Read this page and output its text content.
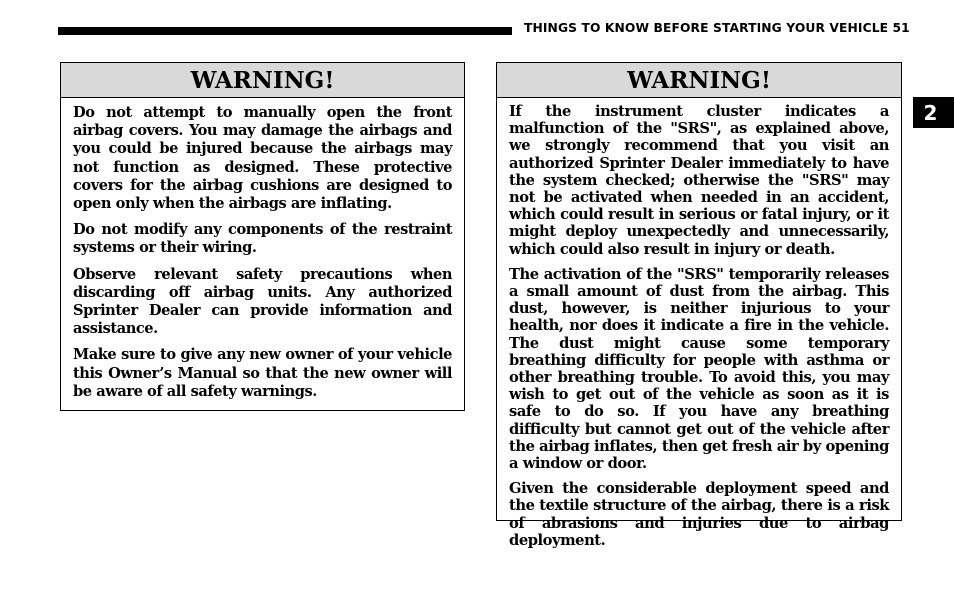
THINGS TO KNOW BEFORE STARTING YOUR VEHICLE 51
2
WARNING!

Do not attempt to manually open the front airbag covers. You may damage the airbags and you could be injured because the airbags may not function as designed. These protective covers for the airbag cushions are designed to open only when the airbags are inflating.

Do not modify any components of the restraint systems or their wiring.

Observe relevant safety precautions when discarding off airbag units. Any authorized Sprinter Dealer can provide information and assistance.

Make sure to give any new owner of your vehicle this Owner’s Manual so that the new owner will be aware of all safety warnings.

WARNING!

If the instrument cluster indicates a malfunction of the "SRS", as explained above, we strongly recommend that you visit an authorized Sprinter Dealer immediately to have the system checked; otherwise the "SRS" may not be activated when needed in an accident, which could result in serious or fatal injury, or it might deploy unexpectedly and unnecessarily, which could also result in injury or death.

The activation of the "SRS" temporarily releases a small amount of dust from the airbag. This dust, however, is neither injurious to your health, nor does it indicate a fire in the vehicle. The dust might cause some temporary breathing difficulty for people with asthma or other breathing trouble. To avoid this, you may wish to get out of the vehicle as soon as it is safe to do so. If you have any breathing difficulty but cannot get out of the vehicle after the airbag inflates, then get fresh air by opening a window or door.

Given the considerable deployment speed and the textile structure of the airbag, there is a risk of abrasions and injuries due to airbag deployment.
